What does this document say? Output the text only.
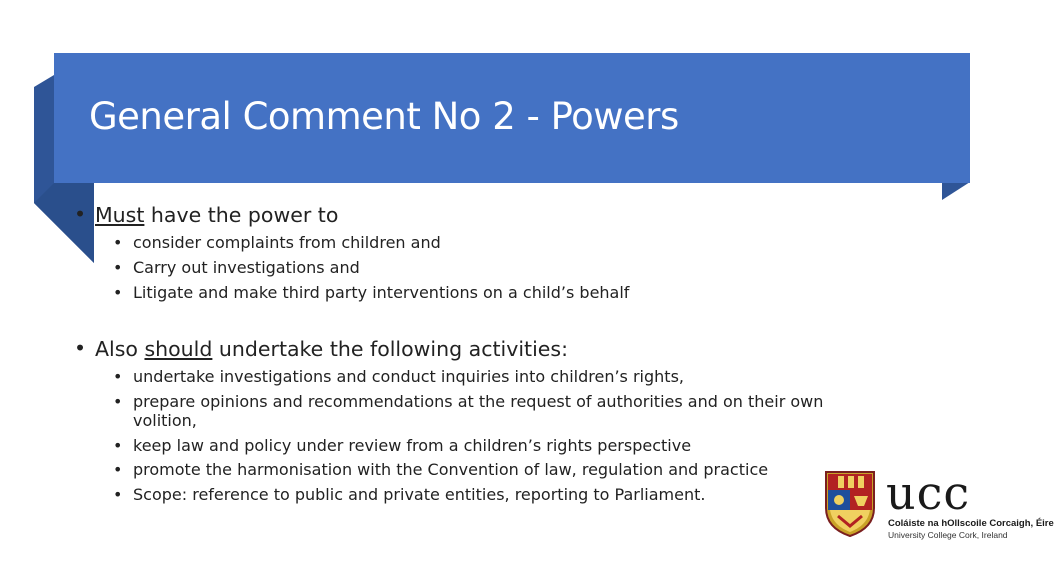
General Comment No 2 - Powers
• Must have the power to
• consider complaints from children and
• Carry out investigations and
• Litigate and make third party interventions on a child’s behalf
• Also should undertake the following activities:
• undertake investigations and conduct inquiries into children’s rights,
• prepare opinions and recommendations at the request of authorities and on their own volition,
• keep law and policy under review from a children’s rights perspective
• promote the harmonisation with the Convention of law, regulation and practice
• Scope: reference to public and private entities, reporting to Parliament.	ucc
Coláiste na hOllscoile Corcaigh, Éire
University College Cork, Ireland
